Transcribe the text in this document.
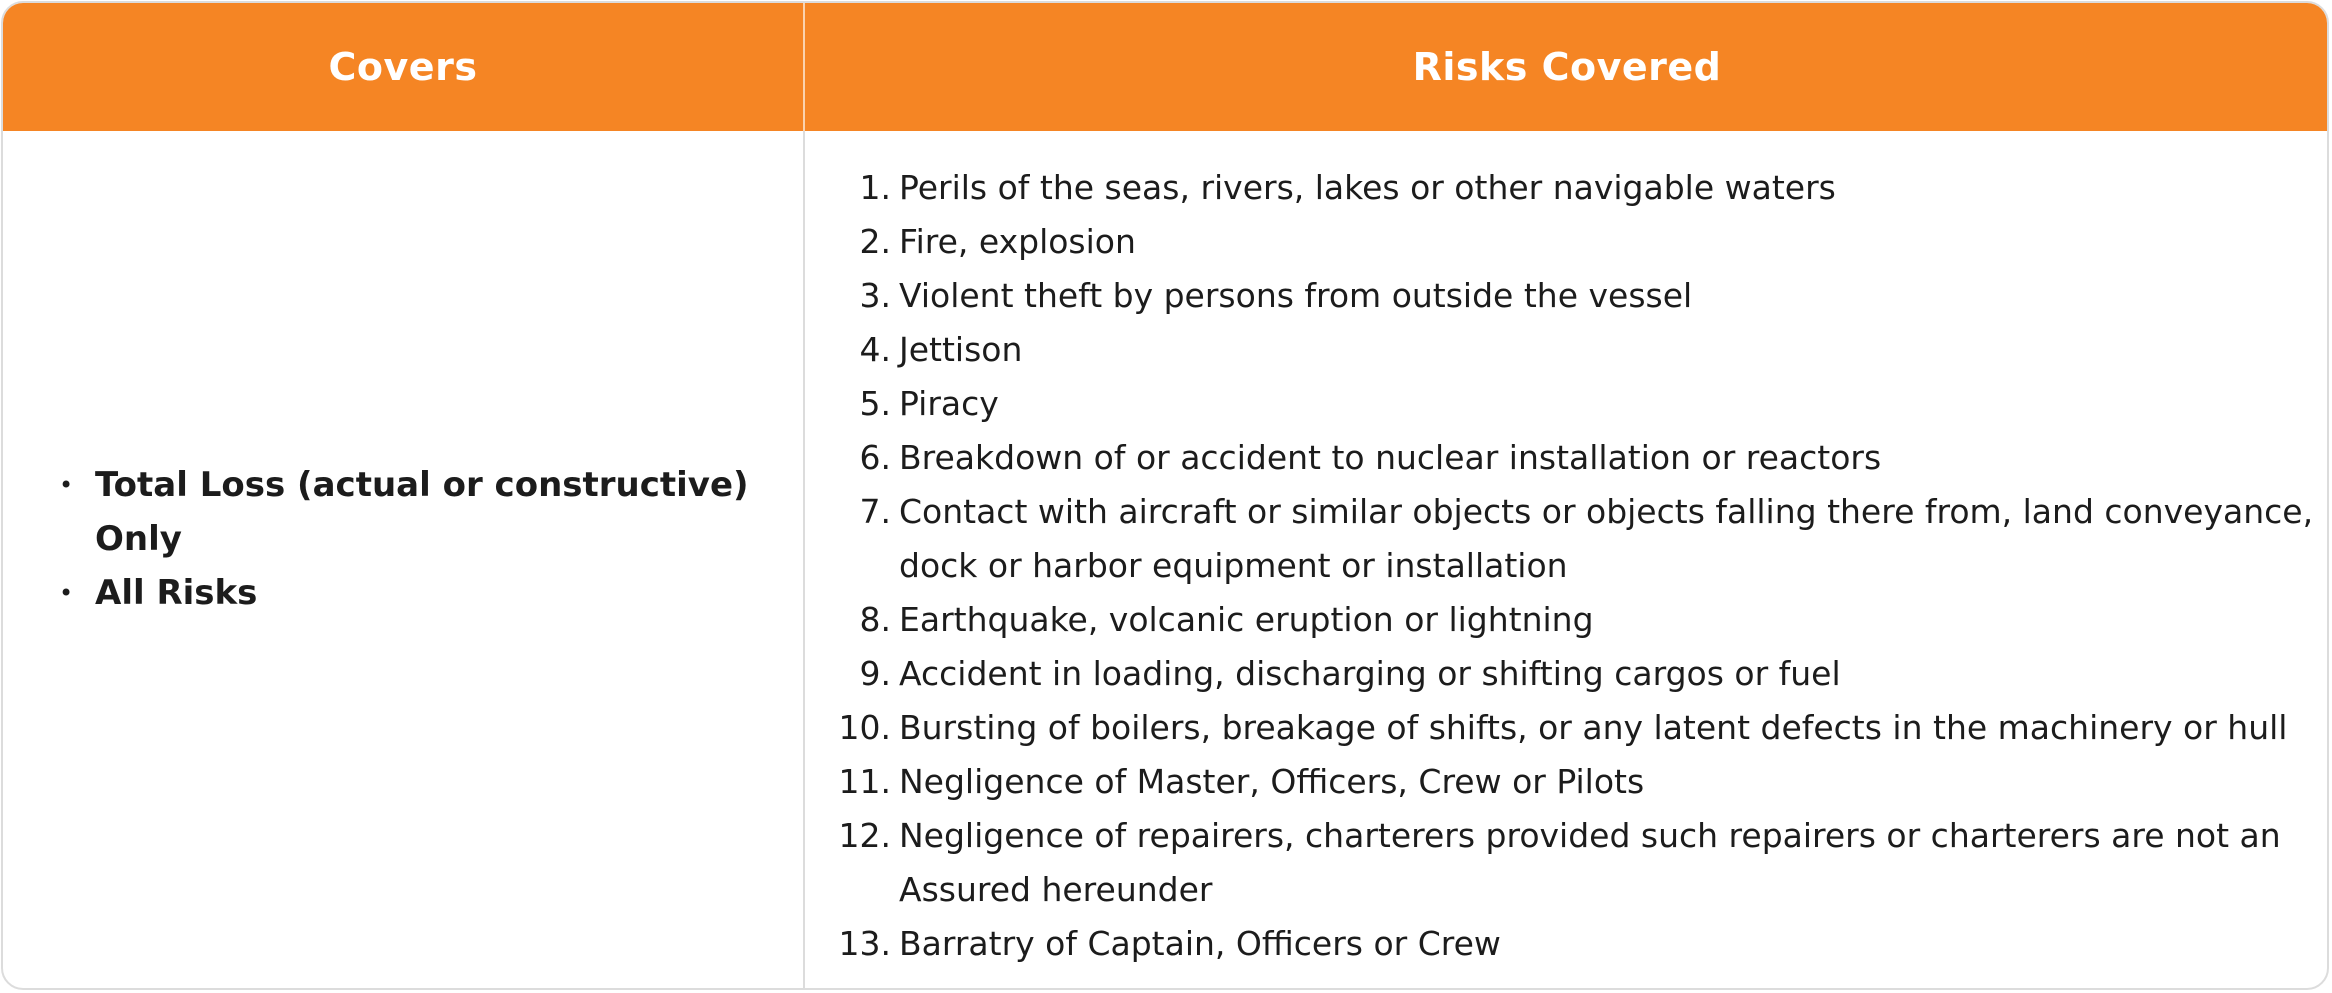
Covers	Risks Covered
• Total Loss (actual or constructive) Only
• All Risks
1. Perils of the seas, rivers, lakes or other navigable waters
2. Fire, explosion
3. Violent theft by persons from outside the vessel
4. Jettison
5. Piracy
6. Breakdown of or accident to nuclear installation or reactors
7. Contact with aircraft or similar objects or objects falling there from, land conveyance, dock or harbor equipment or installation
8. Earthquake, volcanic eruption or lightning
9. Accident in loading, discharging or shifting cargos or fuel
10. Bursting of boilers, breakage of shifts, or any latent defects in the machinery or hull
11. Negligence of Master, Officers, Crew or Pilots
12. Negligence of repairers, charterers provided such repairers or charterers are not an Assured hereunder
13. Barratry of Captain, Officers or Crew
